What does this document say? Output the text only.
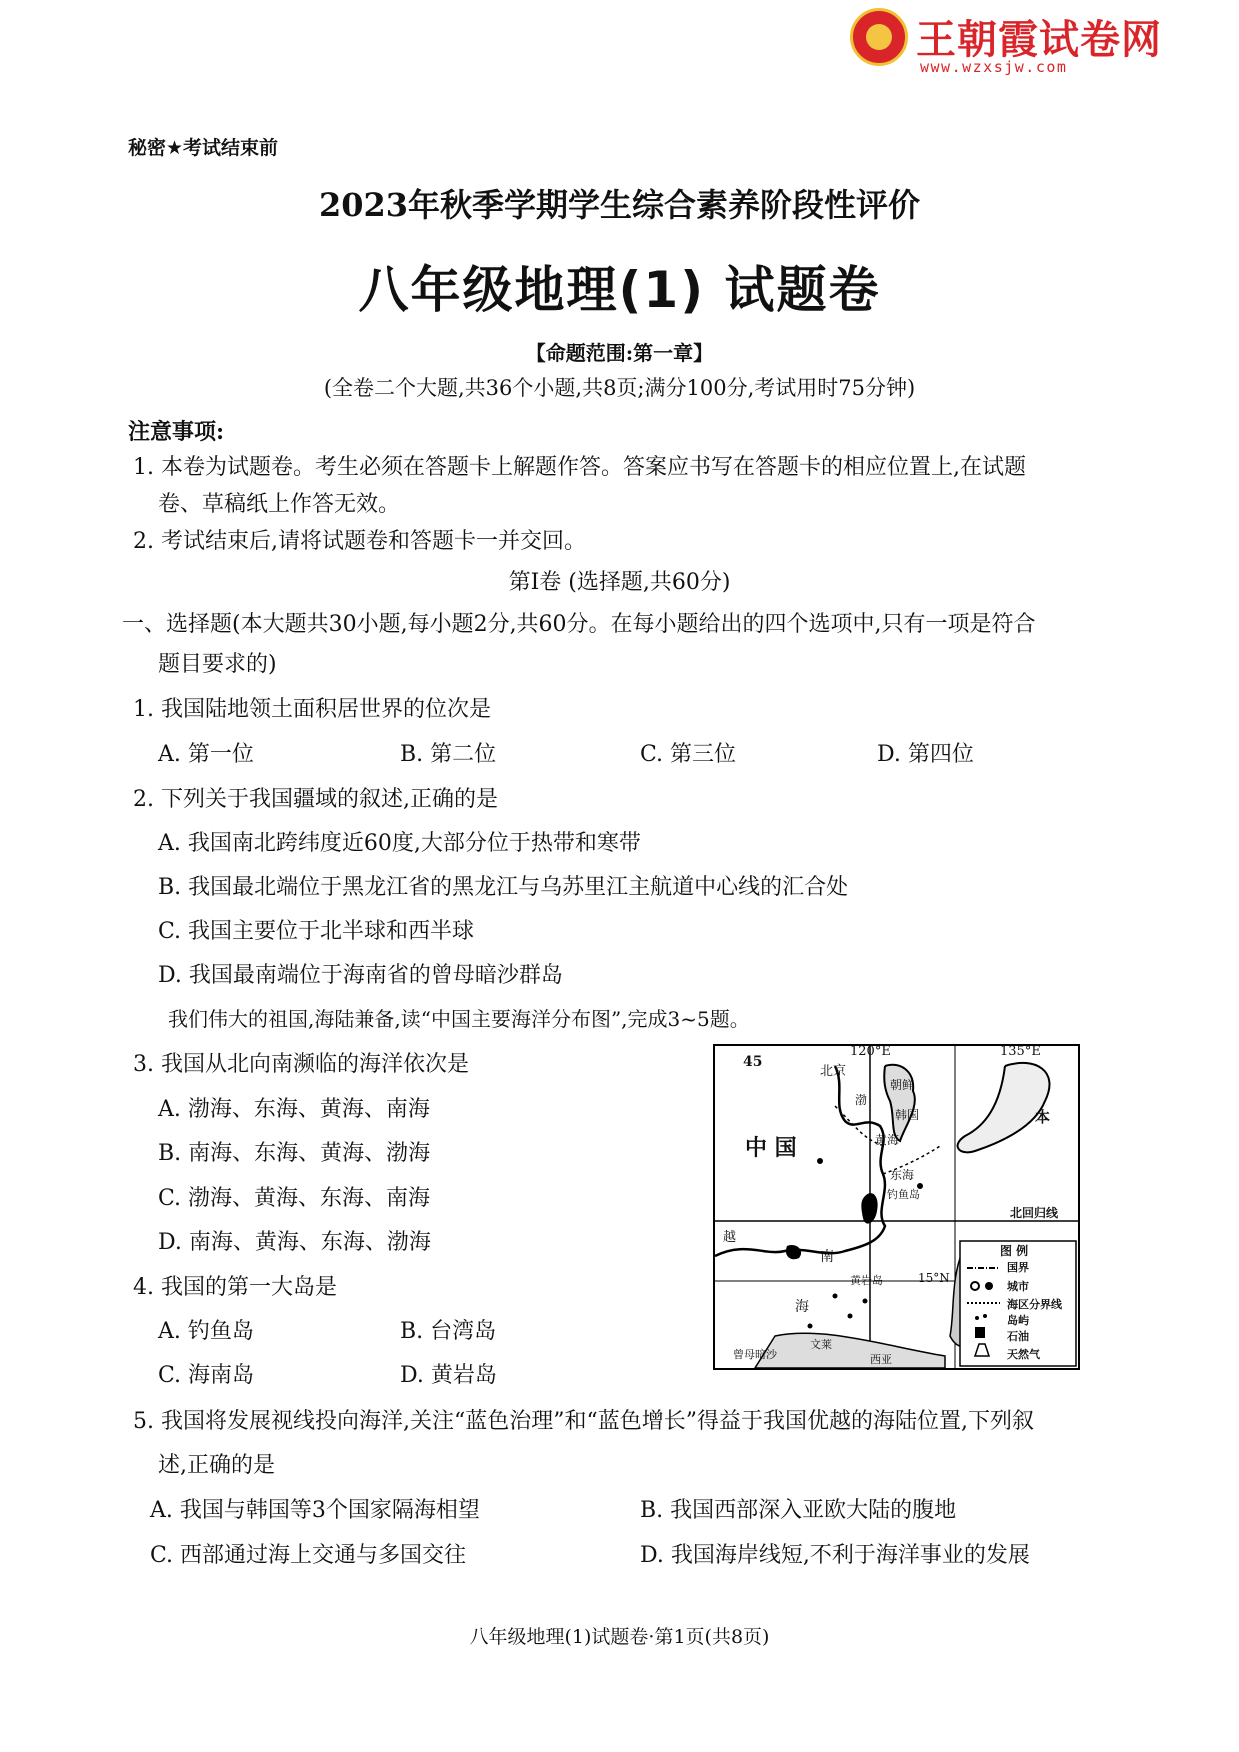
王朝霞试卷网
www.wzxsjw.com
秘密★考试结束前
2023年秋季学期学生综合素养阶段性评价
八年级地理(1) 试题卷
【命题范围:第一章】
(全卷二个大题,共36个小题,共8页;满分100分,考试用时75分钟)
注意事项:
1. 本卷为试题卷。考生必须在答题卡上解题作答。答案应书写在答题卡的相应位置上,在试题
卷、草稿纸上作答无效。
2. 考试结束后,请将试题卷和答题卡一并交回。
第Ⅰ卷 (选择题,共60分)
一、选择题(本大题共30小题,每小题2分,共60分。在每小题给出的四个选项中,只有一项是符合
题目要求的)
1. 我国陆地领土面积居世界的位次是
A. 第一位	B. 第二位	C. 第三位	D. 第四位
2. 下列关于我国疆域的叙述,正确的是
A. 我国南北跨纬度近60度,大部分位于热带和寒带
B. 我国最北端位于黑龙江省的黑龙江与乌苏里江主航道中心线的汇合处
C. 我国主要位于北半球和西半球
D. 我国最南端位于海南省的曾母暗沙群岛
我们伟大的祖国,海陆兼备,读“中国主要海洋分布图”,完成3~5题。
3. 我国从北向南濒临的海洋依次是
A. 渤海、东海、黄海、南海
B. 南海、东海、黄海、渤海
C. 渤海、黄海、东海、南海
D. 南海、黄海、东海、渤海
4. 我国的第一大岛是
A. 钓鱼岛	B. 台湾岛
C. 海南岛	D. 黄岩岛
45
120°E	135°E
北京
中 国
朝鲜
韩国	本
渤
黄海
东海
钓鱼岛
北回归线
南
海
黄岩岛	15°N
越
曾母暗沙
文莱
西亚
图 例
国界
城市
海区分界线
岛屿
石油
天然气
5. 我国将发展视线投向海洋,关注“蓝色治理”和“蓝色增长”得益于我国优越的海陆位置,下列叙
述,正确的是
A. 我国与韩国等3个国家隔海相望	B. 我国西部深入亚欧大陆的腹地
C. 西部通过海上交通与多国交往	D. 我国海岸线短,不利于海洋事业的发展
八年级地理(1)试题卷·第1页(共8页)
